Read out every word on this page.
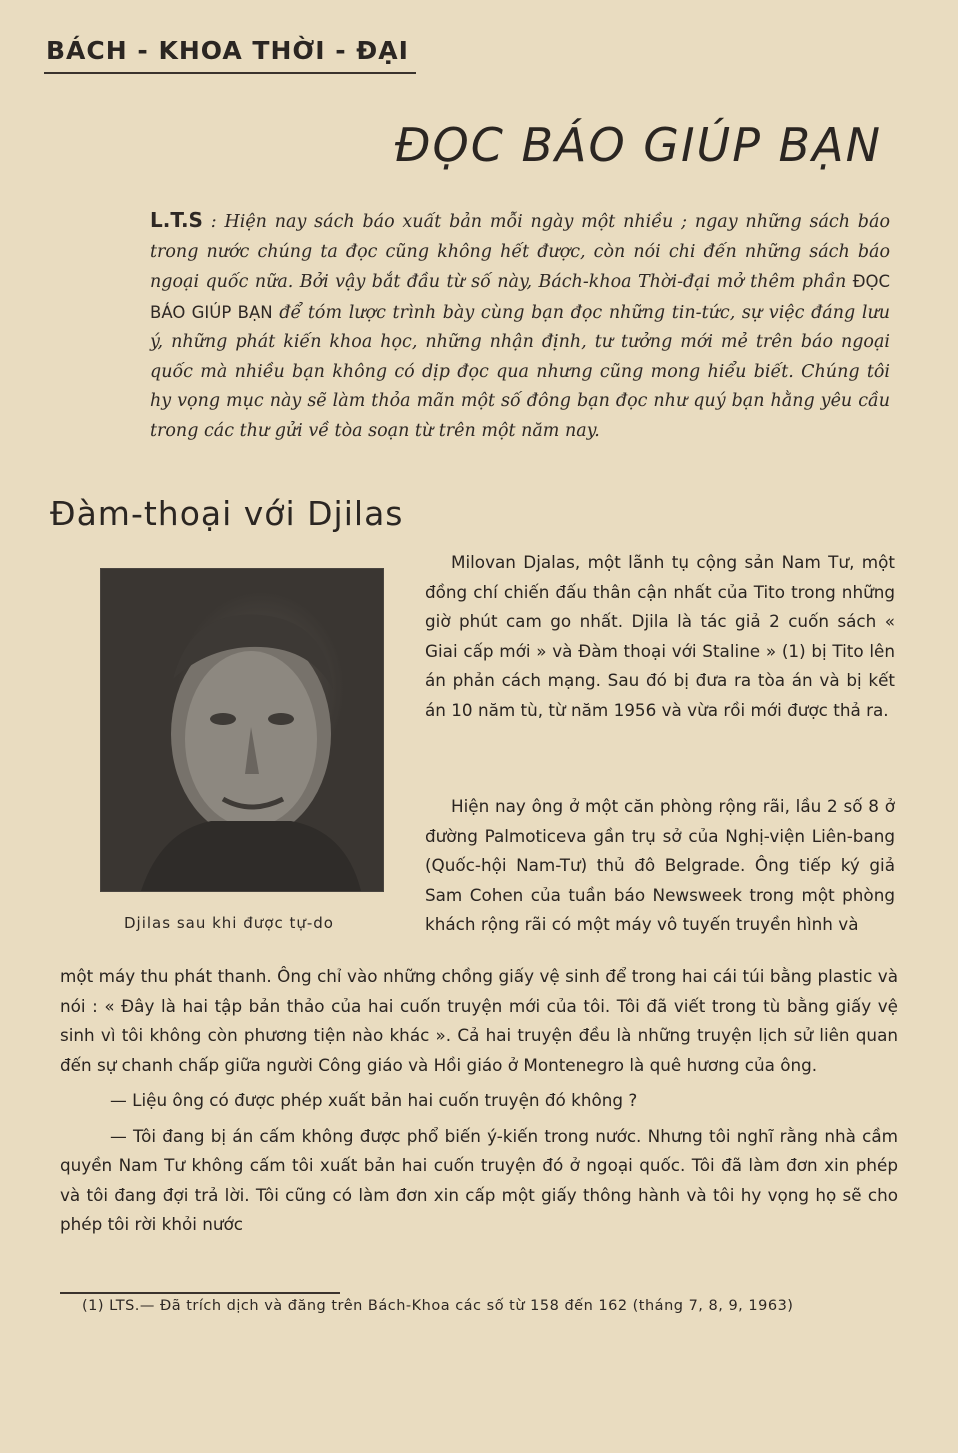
BÁCH - KHOA THỜI - ĐẠI
ĐỌC BÁO GIÚP BẠN
L.T.S : Hiện nay sách báo xuất bản mỗi ngày một nhiều ; ngay những sách báo trong nước chúng ta đọc cũng không hết được, còn nói chi đến những sách báo ngoại quốc nữa. Bởi vậy bắt đầu từ số này, Bách-khoa Thời-đại mở thêm phần ĐỌC BÁO GIÚP BẠN để tóm lược trình bày cùng bạn đọc những tin-tức, sự việc đáng lưu ý, những phát kiến khoa học, những nhận định, tư tưởng mới mẻ trên báo ngoại quốc mà nhiều bạn không có dịp đọc qua nhưng cũng mong hiểu biết. Chúng tôi hy vọng mục này sẽ làm thỏa mãn một số đông bạn đọc như quý bạn hằng yêu cầu trong các thư gửi về tòa soạn từ trên một năm nay.
Đàm-thoại với Djilas
Djilas sau khi được tự-do

Milovan Djalas, một lãnh tụ cộng sản Nam Tư, một đồng chí chiến đấu thân cận nhất của Tito trong những giờ phút cam go nhất. Djila là tác giả 2 cuốn sách « Giai cấp mới » và Đàm thoại với Staline » (1) bị Tito lên án phản cách mạng. Sau đó bị đưa ra tòa án và bị kết án 10 năm tù, từ năm 1956 và vừa rồi mới được thả ra.

Hiện nay ông ở một căn phòng rộng rãi, lầu 2 số 8 ở đường Palmoticeva gần trụ sở của Nghị-viện Liên-bang (Quốc-hội Nam-Tư) thủ đô Belgrade. Ông tiếp ký giả Sam Cohen của tuần báo Newsweek trong một phòng khách rộng rãi có một máy vô tuyến truyền hình và

một máy thu phát thanh. Ông chỉ vào những chồng giấy vệ sinh để trong hai cái túi bằng plastic và nói : « Đây là hai tập bản thảo của hai cuốn truyện mới của tôi. Tôi đã viết trong tù bằng giấy vệ sinh vì tôi không còn phương tiện nào khác ». Cả hai truyện đều là những truyện lịch sử liên quan đến sự chanh chấp giữa người Công giáo và Hồi giáo ở Montenegro là quê hương của ông.

— Liệu ông có được phép xuất bản hai cuốn truyện đó không ?

— Tôi đang bị án cấm không được phổ biến ý-kiến trong nước. Nhưng tôi nghĩ rằng nhà cầm quyền Nam Tư không cấm tôi xuất bản hai cuốn truyện đó ở ngoại quốc. Tôi đã làm đơn xin phép và tôi đang đợi trả lời. Tôi cũng có làm đơn xin cấp một giấy thông hành và tôi hy vọng họ sẽ cho phép tôi rời khỏi nước

(1) LTS.— Đã trích dịch và đăng trên Bách-Khoa các số từ 158 đến 162 (tháng 7, 8, 9, 1963)
